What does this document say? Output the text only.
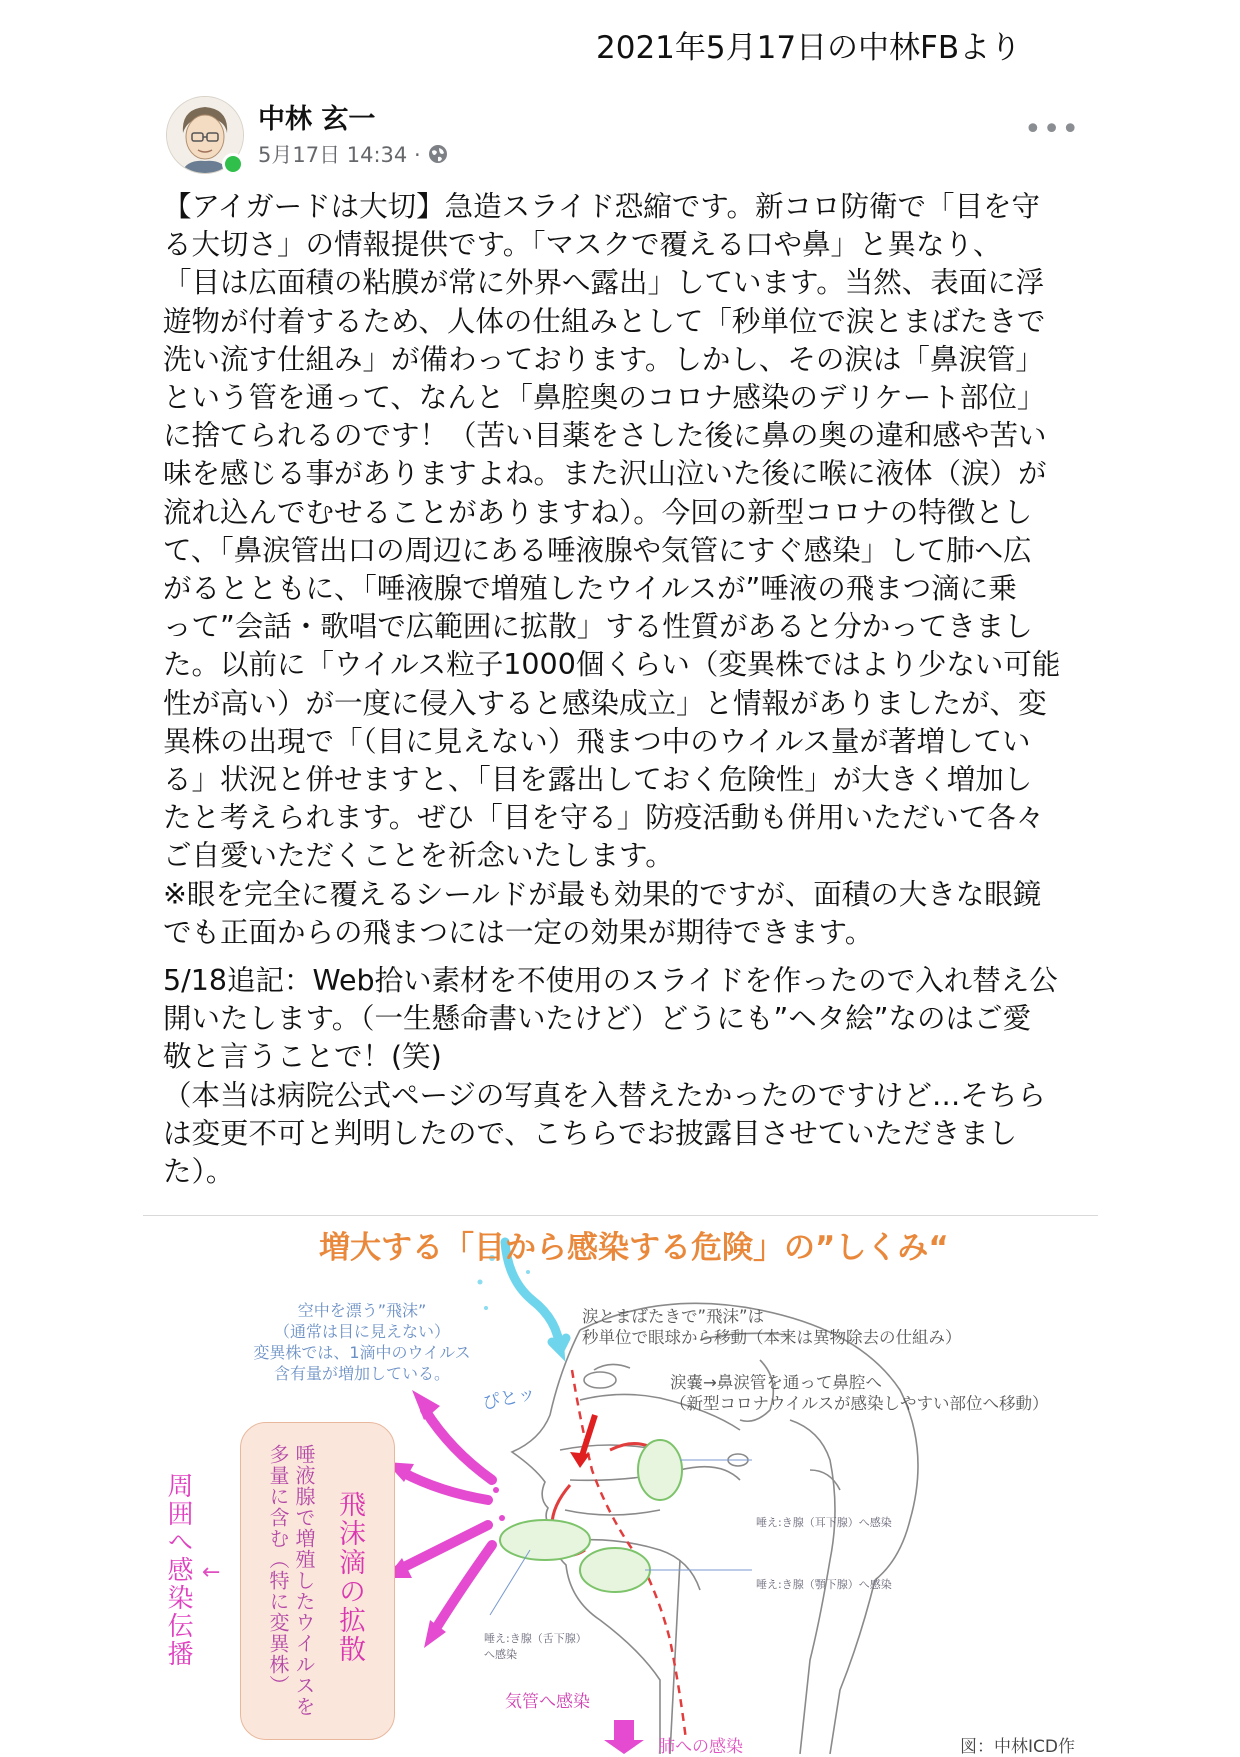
2021年5月17日の中林FBより
中林 玄一
5月17日 14:34 ·
•••

【アイガードは大切】急造スライド恐縮です。新コロ防衛で「目を守
る大切さ」の情報提供です。「マスクで覆える口や鼻」と異なり、
「目は広面積の粘膜が常に外界へ露出」しています。当然、表面に浮
遊物が付着するため、人体の仕組みとして「秒単位で涙とまばたきで
洗い流す仕組み」が備わっております。しかし、その涙は「鼻涙管」
という管を通って、なんと「鼻腔奥のコロナ感染のデリケート部位」
に捨てられるのです！（苦い目薬をさした後に鼻の奥の違和感や苦い
味を感じる事がありますよね。また沢山泣いた後に喉に液体（涙）が
流れ込んでむせることがありますね）。今回の新型コロナの特徴とし
て、「鼻涙管出口の周辺にある唾液腺や気管にすぐ感染」して肺へ広
がるとともに、「唾液腺で増殖したウイルスが”唾液の飛まつ滴に乗
って”会話・歌唱で広範囲に拡散」する性質があると分かってきまし
た。以前に「ウイルス粒子1000個くらい（変異株ではより少ない可能
性が高い）が一度に侵入すると感染成立」と情報がありましたが、変
異株の出現で「（目に見えない）飛まつ中のウイルス量が著増してい
る」状況と併せますと、「目を露出しておく危険性」が大きく増加し
たと考えられます。ぜひ「目を守る」防疫活動も併用いただいて各々
ご自愛いただくことを祈念いたします。
※眼を完全に覆えるシールドが最も効果的ですが、面積の大きな眼鏡
でも正面からの飛まつには一定の効果が期待できます。

5/18追記：Web拾い素材を不使用のスライドを作ったので入れ替え公
開いたします。（一生懸命書いたけど）どうにも”ヘタ絵”なのはご愛
敬と言うことで！(笑)
（本当は病院公式ページの写真を入替えたかったのですけど…そちら
は変更不可と判明したので、こちらでお披露目させていただきまし
た）。

増大する「目から感染する危険」の”しくみ“
空中を漂う”飛沫”
（通常は目に見えない）
変異株では、1滴中のウイルス
含有量が増加している。
ぴとッ
涙とまばたきで”飛沫”は
秒単位で眼球から移動（本来は異物除去の仕組み）
涙嚢→鼻涙管を通って鼻腔へ
（新型コロナウイルスが感染しやすい部位へ移動）
周囲へ感染伝播 ←	飛沫滴の拡散
唾液腺で増殖したウイルスを
多量に含む（特に変異株）	唾え:き腺（耳下腺）へ感染
唾え:き腺（顎下腺）へ感染
唾え:き腺（舌下腺）
へ感染
気管へ感染
肺への感染	図：中林ICD作
